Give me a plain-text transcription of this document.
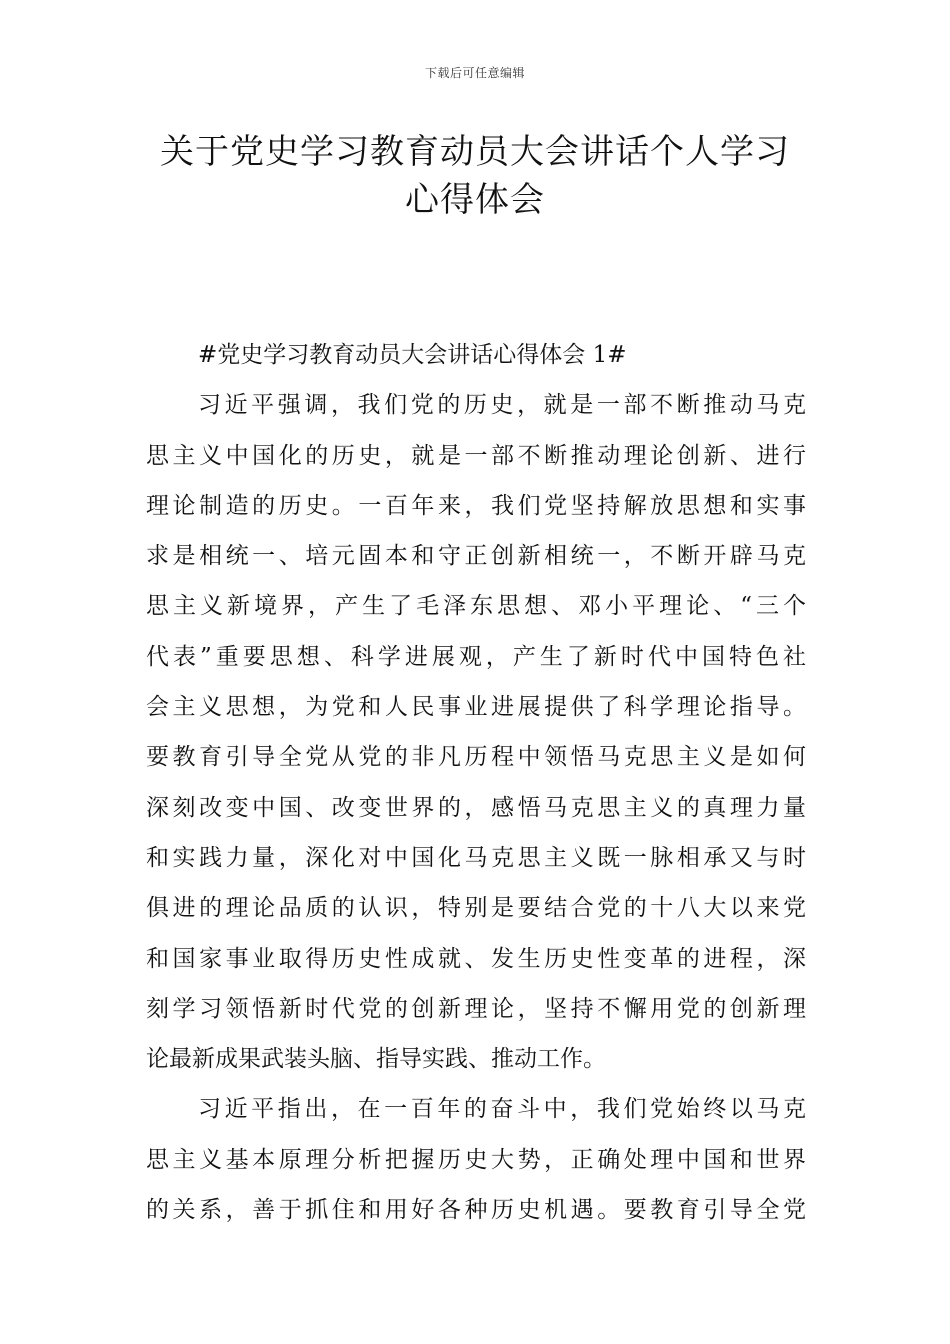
下载后可任意编辑
关于党史学习教育动员大会讲话个人学习
心得体会
#党史学习教育动员大会讲话心得体会 1#
习近平强调，我们党的历史，就是一部不断推动马克
思主义中国化的历史，就是一部不断推动理论创新、进行
理论制造的历史。一百年来，我们党坚持解放思想和实事
求是相统一、培元固本和守正创新相统一，不断开辟马克
思主义新境界，产生了毛泽东思想、邓小平理论、“三个
代表”重要思想、科学进展观，产生了新时代中国特色社
会主义思想，为党和人民事业进展提供了科学理论指导。
要教育引导全党从党的非凡历程中领悟马克思主义是如何
深刻改变中国、改变世界的，感悟马克思主义的真理力量
和实践力量，深化对中国化马克思主义既一脉相承又与时
俱进的理论品质的认识，特别是要结合党的十八大以来党
和国家事业取得历史性成就、发生历史性变革的进程，深
刻学习领悟新时代党的创新理论，坚持不懈用党的创新理
论最新成果武装头脑、指导实践、推动工作。
习近平指出，在一百年的奋斗中，我们党始终以马克
思主义基本原理分析把握历史大势，正确处理中国和世界
的关系，善于抓住和用好各种历史机遇。要教育引导全党
